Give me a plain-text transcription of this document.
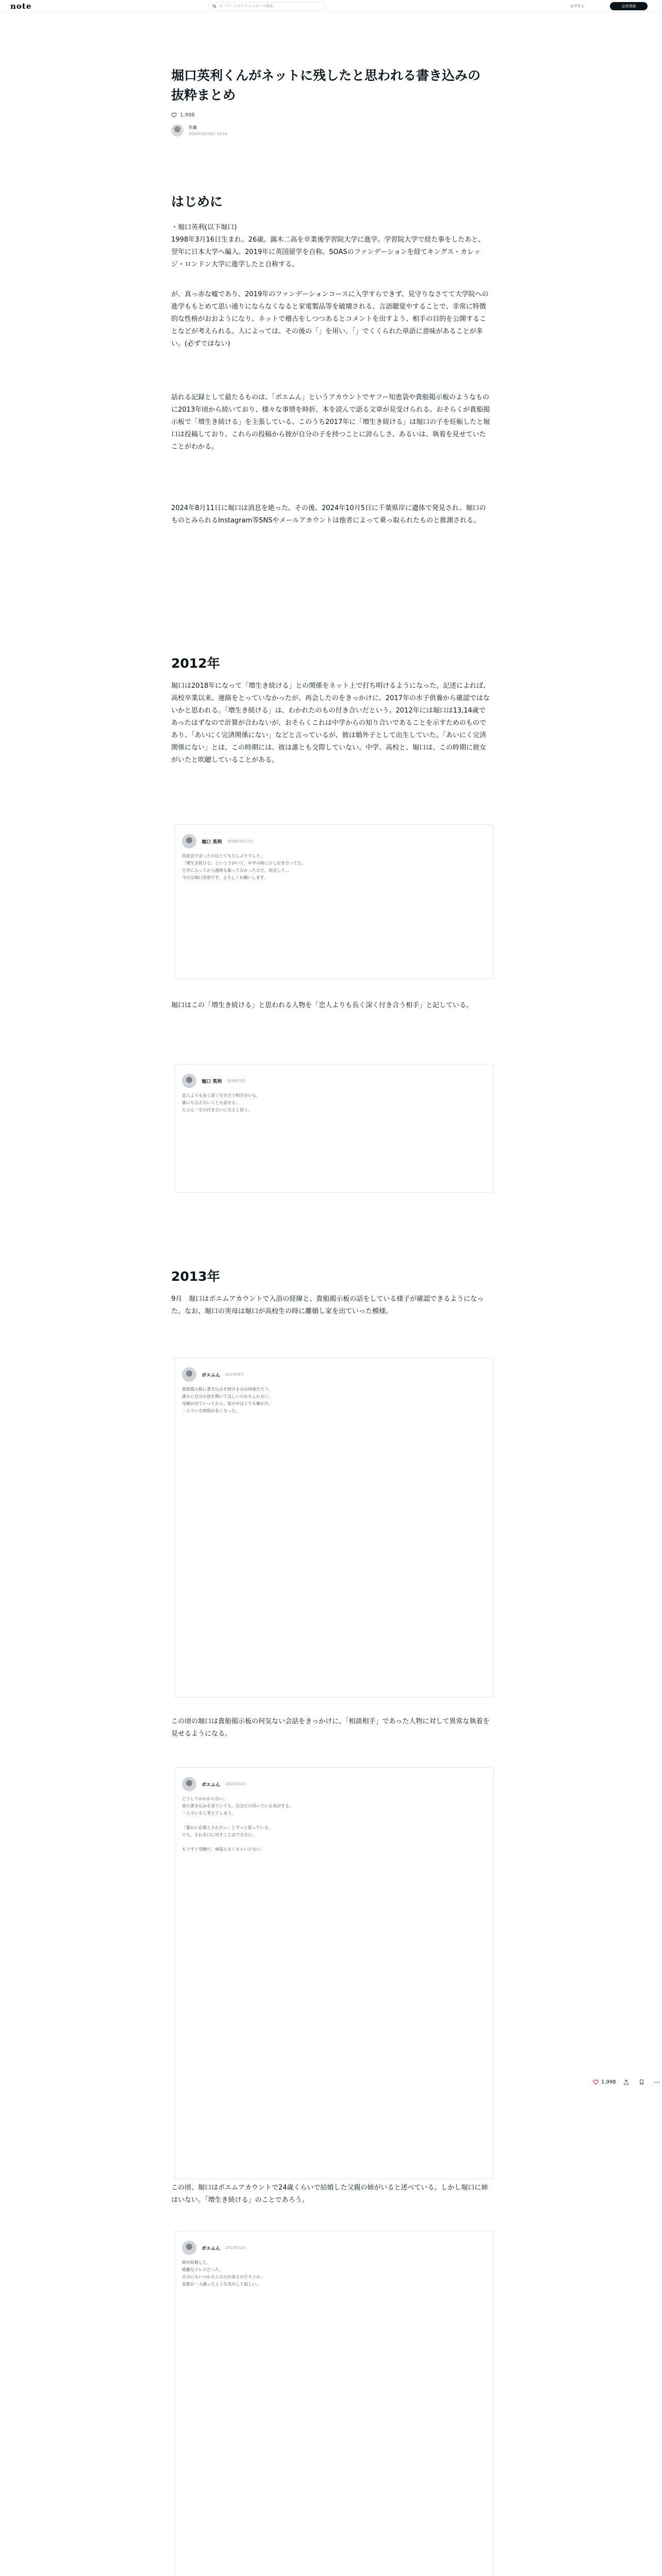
note	キーワードやクリエイターで検索	ログイン	会員登録
堀口英利くんがネットに残したと思われる書き込みの抜粋まとめ
1,998
佐藤
2024年10月6日 14:54
はじめに
・堀口英利(以下堀口)
1998年3月16日生まれ。26歳。露木二高を卒業後学習院大学に進学。学習院大学で経た事をしたあと、翌年に日本大学へ編入。2019年に英国留学を自称。SOASのファンデーションを経てキングス・カレッジ・ロンドン大学に進学したと自称する。
が、真っ赤な嘘であり、2019年のファンデーションコースに入学すらできず、見守りなさてて大学院への進学ももとめて思い通りにならなくなると家電製品等を破壊される、言語聴覚やすることで、非常に特徴的な性格がおおようになり、ネットで稽古をしつつあるとコメントを出すよう、相手の目的を公開することなどが考えられる。人によっては、その後の「」を用い、「」でくくられた単語に意味があることが多い。(必ずではない)
話れる記録として最たるものは、「ポエムん」というアカウントでヤフー知恵袋や貴船掲示板のようなものに2013年頃から続いており、様々な事情を時折、本を読んで語る文章が見受けられる。おそらくが貴船掲示板で「増生き続ける」を主張している、このうち2017年に「増生き続ける」は堀口の子を妊娠したと堀口は投稿しており、これらの投稿から彼が自分の子を持つことに誇らしさ、あるいは、執着を見せていたことがわかる。
2024年8月11日に堀口は消息を絶った。その後、2024年10月5日に千葉県岸に遺体で発見され、堀口のものとみられるInstagram等SNSやメールアカウントは他者によって乗っ取られたものと推測される。
2012年
堀口は2018年になって「増生き続ける」との関係をネット上で打ち明けるようになった。記述によれば、高校卒業以来、連絡をとっていなかったが、再会したのをきっかけに、2017年の水子供養から確認ではないかと思われる。「増生き続ける」は、わかれたのもの付き合いだという。2012年には堀口は13,14歳であったはずなので計算が合わないが、おそらくこれは中学からの知り合いであることを示すためのものであり、「あいにく完済関係にない」などと言っているが、彼は婚外子として出生していた。「あいにく完済関係にない」とは、この時期には、彼は誰とも交際していない。中学、高校と、堀口は、この時期に彼女がいたと吹聴していることがある。
堀口 英利 2018年10月3日
同窓会で会ったのはとても久しぶりでした。
「増生き続ける」という子がいて、中学の時に少し付き合ってた。
大学に入ってから連絡も取ってなかったけど、再会して…
今日は堀口英利です。よろしくお願いします。
堀口はこの「増生き続ける」と思われる人物を「恋人よりも長く深く付き合う相手」と記している。
堀口 英利 2019年2月
恋人よりも長く深く付き合う相手がいる。
誰にも言えないことも話せる。
たぶん一生の付き合いになると思う。
2013年
9月　堀口はポエムアカウントで入浴の経緯と、貴船掲示板の話をしている様子が確認できるようになった。なお、堀口の実母は堀口が高校生の時に離婚し家を出ていった模様。
ポエムん 2013年9月
貴船掲示板に書き込みを続けるのは何故だろう。
誰かに自分の話を聞いてほしいのかもしれない。
母親が出ていってから、家の中はとても静かだ。
一人でいる時間が長くなった。
この頃の堀口は貴船掲示板の何気ない会話をきっかけに、「相談相手」であった人物に対して異常な執着を見せるようになる。
ポエムん 2013年10月
どうしてかわからない。
皆の書き込みを見ていても、自分だけ浮いている気がする。
一人でいると考えてしまう。

「誰かに必要とされたい」とずっと思っている。
でも、それを口に出すことはできない。

もうすぐ受験だ。頑張らなくちゃいけない。
この頃、堀口はポエムアカウントで24歳くらいで結婚した父親の姉がいると述べている。しかし堀口に姉はいない。「増生き続ける」のことであろう。
ポエムん 2013年12月
姉が結婚した。
綺麗なドレスだった。
自分にもいつかそんな日が来るのだろうか。
家族が一人減ったような気がして寂しい。
1,998
